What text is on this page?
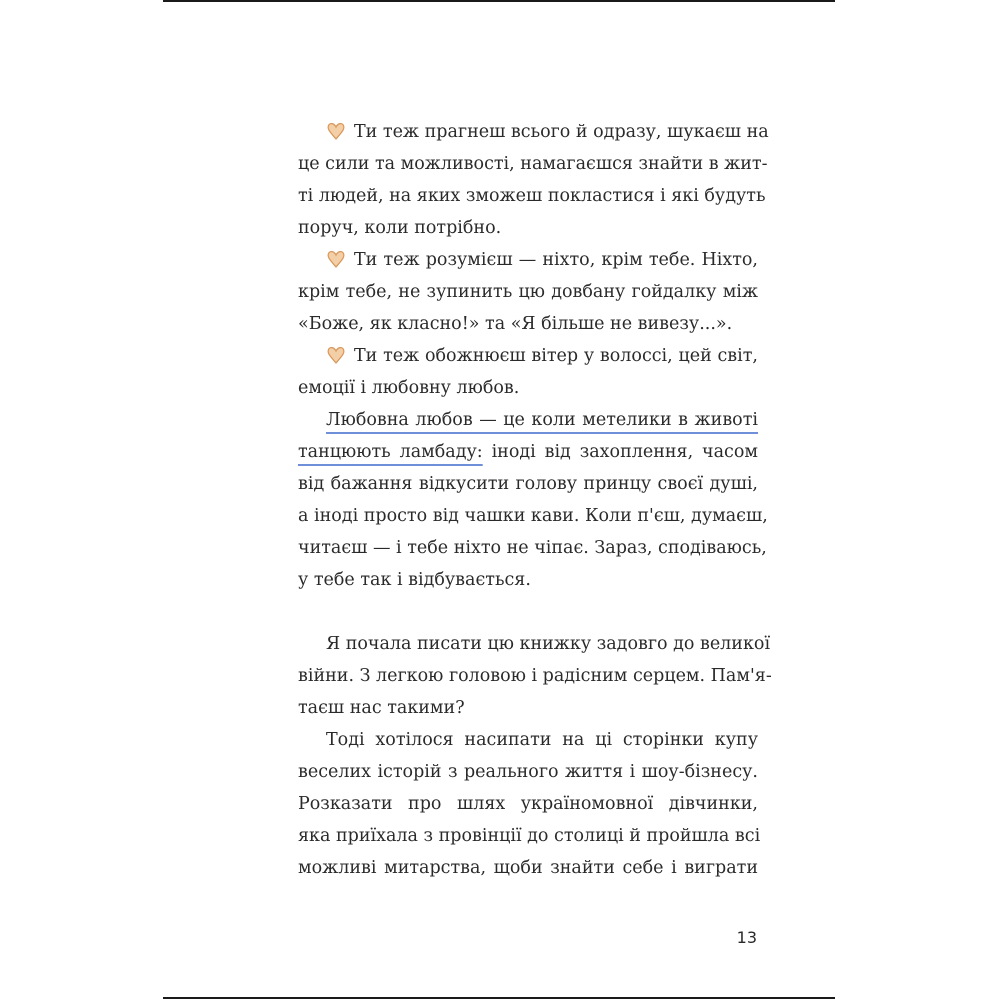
Ти теж прагнеш всього й одразу, шукаєш на
це сили та можливості, намагаєшся знайти в жит-
ті людей, на яких зможеш покластися і які будуть
поруч, коли потрібно.
Ти теж розумієш — ніхто, крім тебе. Ніхто,
крім тебе, не зупинить цю довбану гойдалку між
«Боже, як класно!» та «Я більше не вивезу...».
Ти теж обожнюєш вітер у волоссі, цей світ,
емоції і любовну любов.
Любовна любов — це коли метелики в животі
танцюють ламбаду: іноді від захоплення, часом
від бажання відкусити голову принцу своєї душі,
а іноді просто від чашки кави. Коли п'єш, думаєш,
читаєш — і тебе ніхто не чіпає. Зараз, сподіваюсь,
у тебе так і відбувається.
Я почала писати цю книжку задовго до великої
війни. З легкою головою і радісним серцем. Пам'я-
таєш нас такими?
Тоді хотілося насипати на ці сторінки купу
веселих історій з реального життя і шоу-бізнесу.
Розказати про шлях україномовної дівчинки,
яка приїхала з провінції до столиці й пройшла всі
можливі митарства, щоби знайти себе і виграти
13
